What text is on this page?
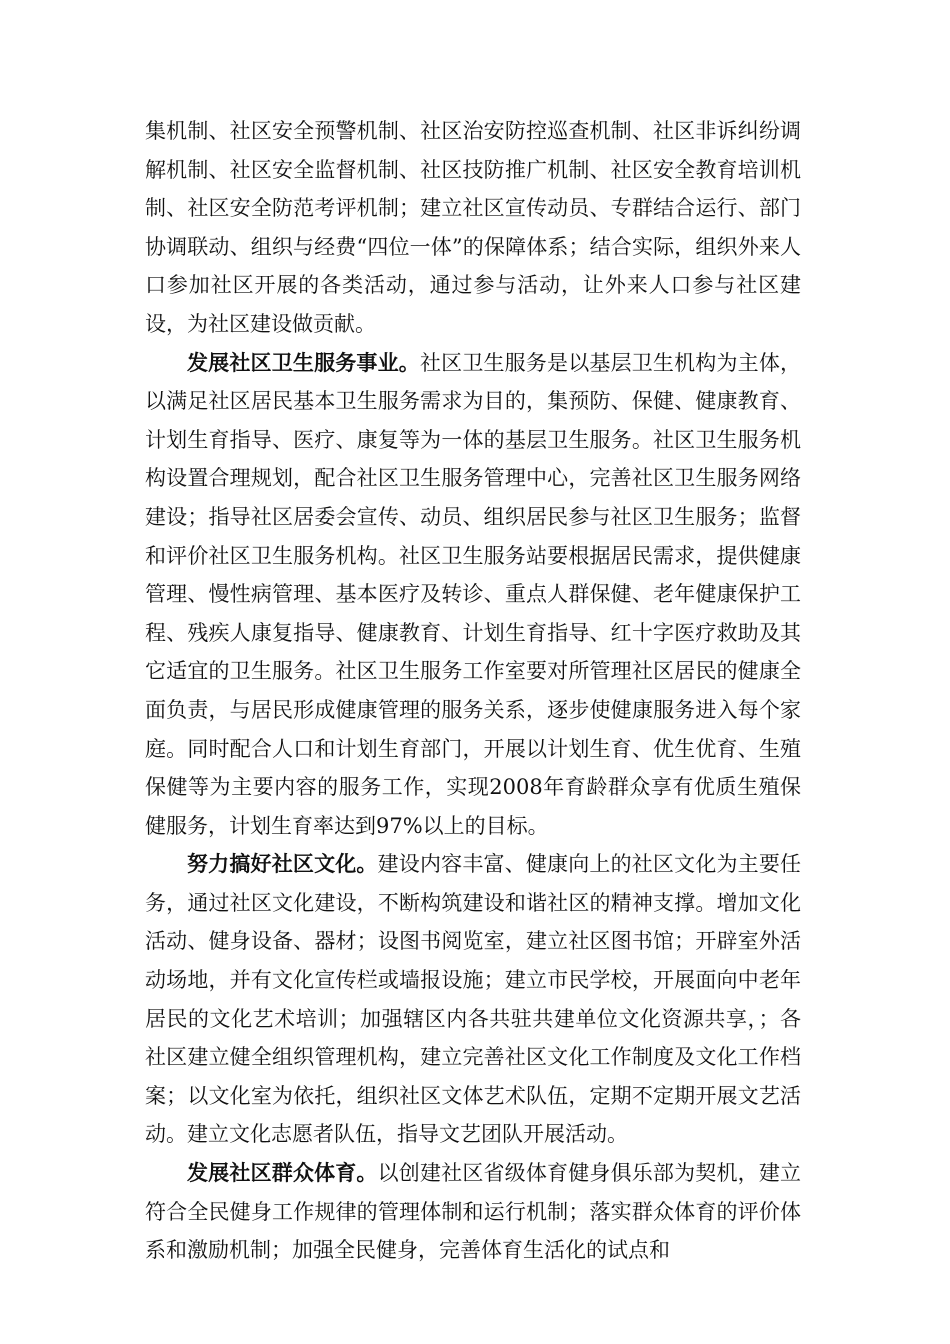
集机制、社区安全预警机制、社区治安防控巡查机制、社区非诉纠纷调解机制、社区安全监督机制、社区技防推广机制、社区安全教育培训机制、社区安全防范考评机制；建立社区宣传动员、专群结合运行、部门协调联动、组织与经费“四位一体”的保障体系；结合实际，组织外来人口参加社区开展的各类活动，通过参与活动，让外来人口参与社区建设，为社区建设做贡献。

发展社区卫生服务事业。社区卫生服务是以基层卫生机构为主体，以满足社区居民基本卫生服务需求为目的，集预防、保健、健康教育、计划生育指导、医疗、康复等为一体的基层卫生服务。社区卫生服务机构设置合理规划，配合社区卫生服务管理中心，完善社区卫生服务网络建设；指导社区居委会宣传、动员、组织居民参与社区卫生服务；监督和评价社区卫生服务机构。社区卫生服务站要根据居民需求，提供健康管理、慢性病管理、基本医疗及转诊、重点人群保健、老年健康保护工程、残疾人康复指导、健康教育、计划生育指导、红十字医疗救助及其它适宜的卫生服务。社区卫生服务工作室要对所管理社区居民的健康全面负责，与居民形成健康管理的服务关系，逐步使健康服务进入每个家庭。同时配合人口和计划生育部门，开展以计划生育、优生优育、生殖保健等为主要内容的服务工作，实现2008年育龄群众享有优质生殖保健服务，计划生育率达到97%以上的目标。

努力搞好社区文化。建设内容丰富、健康向上的社区文化为主要任务，通过社区文化建设，不断构筑建设和谐社区的精神支撑。增加文化活动、健身设备、器材；设图书阅览室，建立社区图书馆；开辟室外活动场地，并有文化宣传栏或墙报设施；建立市民学校，开展面向中老年居民的文化艺术培训；加强辖区内各共驻共建单位文化资源共享，；各社区建立健全组织管理机构，建立完善社区文化工作制度及文化工作档案；以文化室为依托，组织社区文体艺术队伍，定期不定期开展文艺活动。建立文化志愿者队伍，指导文艺团队开展活动。

发展社区群众体育。以创建社区省级体育健身俱乐部为契机，建立符合全民健身工作规律的管理体制和运行机制；落实群众体育的评价体系和激励机制；加强全民健身，完善体育生活化的试点和
